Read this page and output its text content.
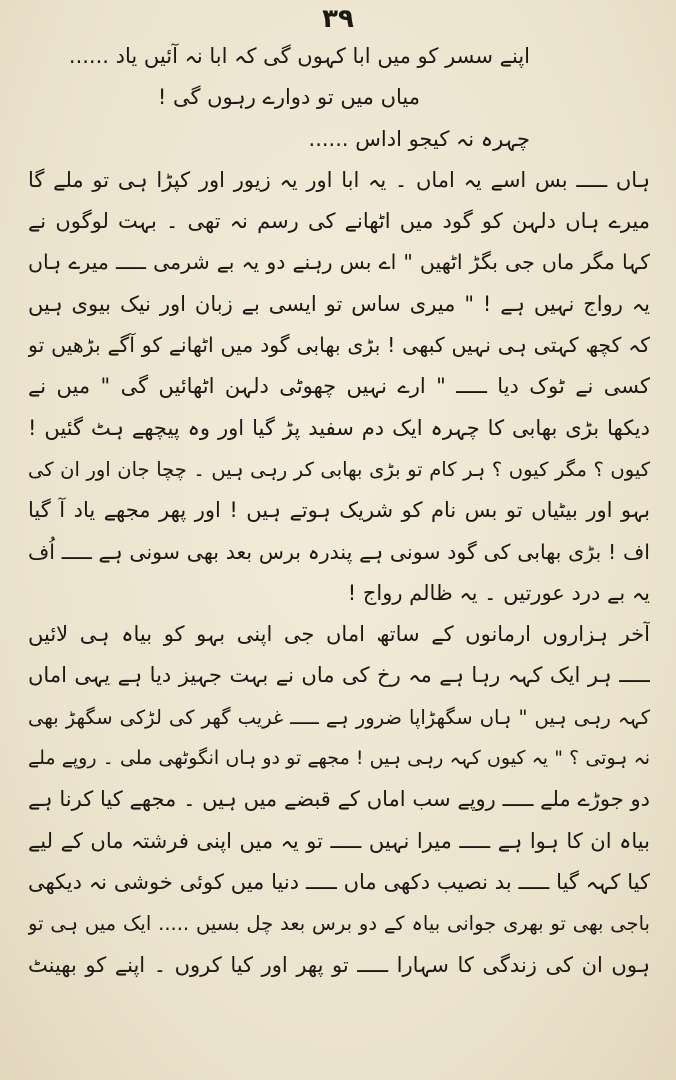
٣٩
اپنے سسر کو میں ابا کہوں گی کہ ابا نہ آئیں یاد ......
میاں میں تو دوارے رہوں گی !
چہرہ نہ کیجو اداس ......
ہاں ـــــ بس اسے یہ اماں ۔ یہ ابا اور یہ زیور اور کپڑا ہی تو ملے گا
میرے ہاں دلہن کو گود میں اٹھانے کی رسم نہ تھی ۔ بہت لوگوں نے
کہا مگر ماں جی بگڑ اٹھیں " اے بس رہنے دو یہ بے شرمی ـــــ میرے ہاں
یہ رواج نہیں ہے ! " میری ساس تو ایسی بے زبان اور نیک بیوی ہیں
کہ کچھ کہتی ہی نہیں کبھی ! بڑی بھابی گود میں اٹھانے کو آگے بڑھیں تو
کسی نے ٹوک دیا ـــــ " ارے نہیں چھوٹی دلہن اٹھائیں گی " میں نے
دیکھا بڑی بھابی کا چہرہ ایک دم سفید پڑ گیا اور وہ پیچھے ہٹ گئیں !
کیوں ؟ مگر کیوں ؟ ہر کام تو بڑی بھابی کر رہی ہیں ۔ چچا جان اور ان کی
بہو اور بیٹیاں تو بس نام کو شریک ہوتے ہیں ! اور پھر مجھے یاد آ گیا
اف ! بڑی بھابی کی گود سونی ہے پندرہ برس بعد بھی سونی ہے ـــــ اُف
یہ بے درد عورتیں ۔ یہ ظالم رواج !
آخر ہزاروں ارمانوں کے ساتھ اماں جی اپنی بہو کو بیاہ ہی لائیں
ـــــ ہر ایک کہہ رہا ہے مہ رخ کی ماں نے بہت جہیز دیا ہے یہی اماں
کہہ رہی ہیں " ہاں سگھڑاپا ضرور ہے ـــــ غریب گھر کی لڑکی سگھڑ بھی
نہ ہوتی ؟ " یہ کیوں کہہ رہی ہیں ! مجھے تو دو ہاں انگوٹھی ملی ۔ روپے ملے
دو جوڑے ملے ـــــ روپے سب اماں کے قبضے میں ہیں ۔ مجھے کیا کرنا ہے
بیاہ ان کا ہوا ہے ـــــ میرا نہیں ـــــ تو یہ میں اپنی فرشتہ ماں کے لیے
کیا کہہ گیا ـــــ بد نصیب دکھی ماں ـــــ دنیا میں کوئی خوشی نہ دیکھی
باجی بھی تو بھری جوانی بیاہ کے دو برس بعد چل بسیں ..... ایک میں ہی تو
ہوں ان کی زندگی کا سہارا ـــــ تو پھر اور کیا کروں ۔ اپنے کو بھینٹ
